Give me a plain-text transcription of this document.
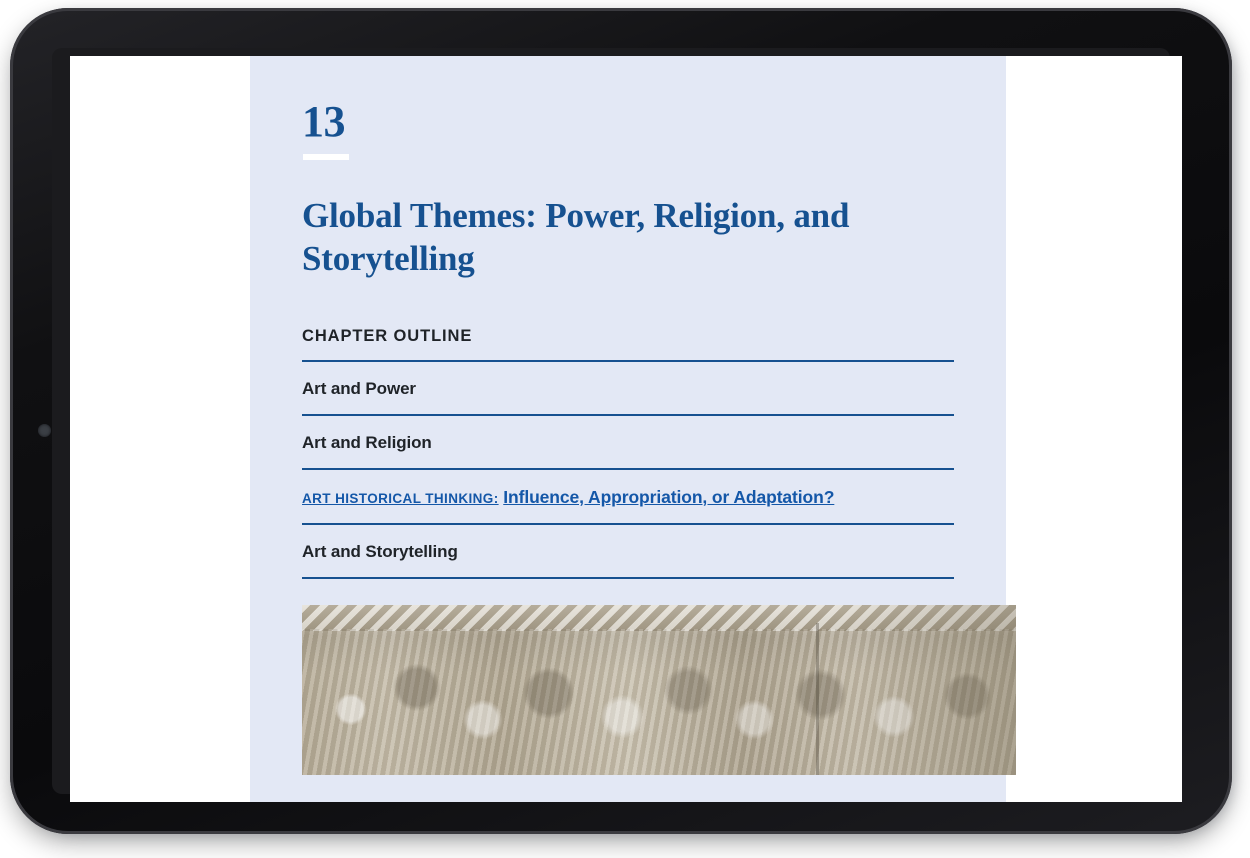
13
Global Themes: Power, Religion, and Storytelling
CHAPTER OUTLINE
Art and Power
Art and Religion
ART HISTORICAL THINKING: Influence, Appropriation, or Adaptation?
Art and Storytelling
